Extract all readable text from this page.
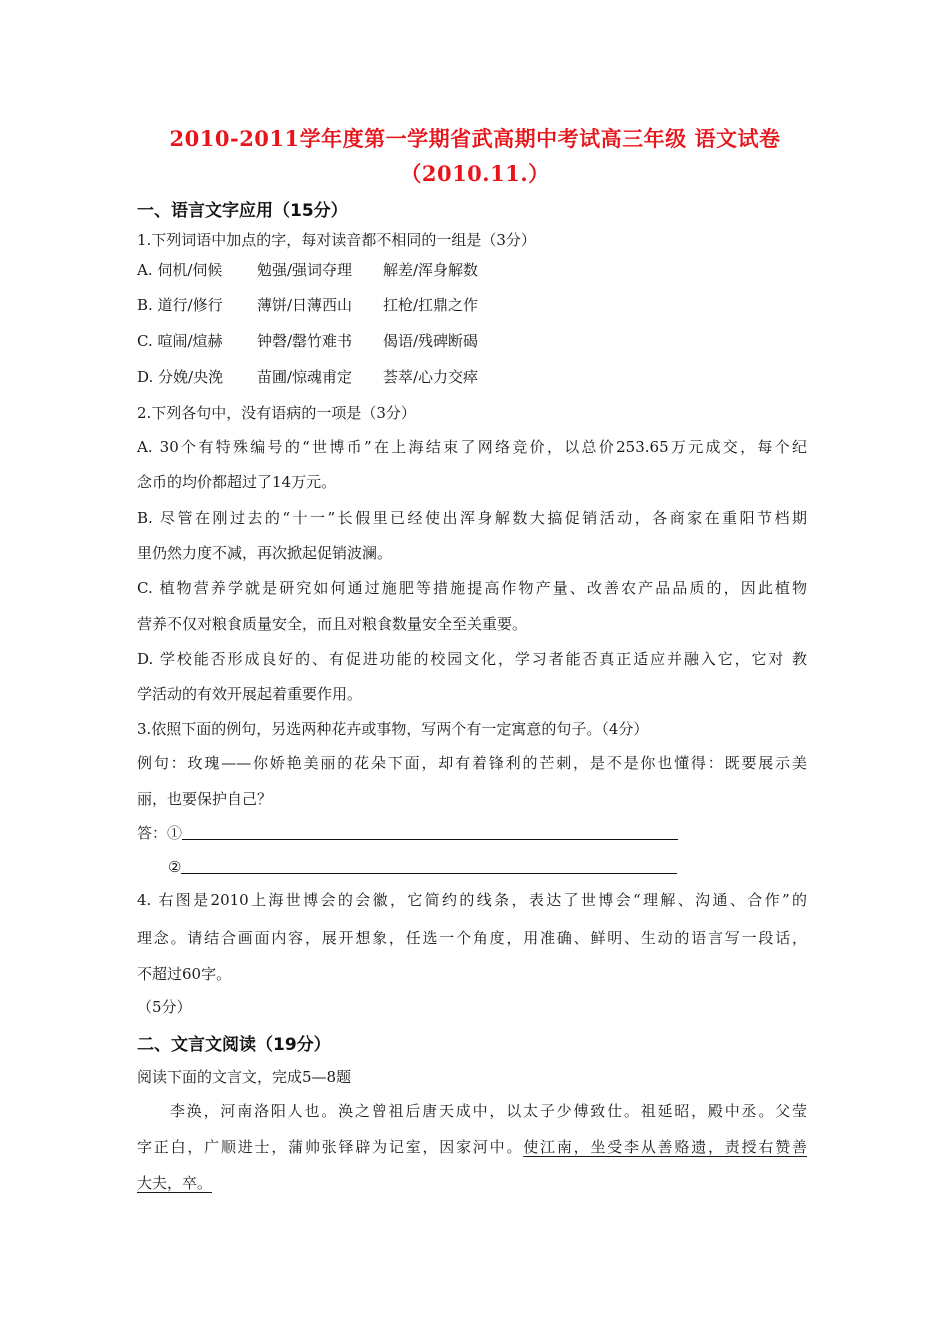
2010-2011学年度第一学期省武高期中考试高三年级 语文试卷
（2010.11.）
一、语言文字应用（15分）
1.下列词语中加点的字，每对读音都不相同的一组是（3分）
A. 伺机/伺候 勉强/强词夺理 解差/浑身解数
B. 道行/修行 薄饼/日薄西山 扛枪/扛鼎之作
C. 喧闹/煊赫 钟磬/罄竹难书 偈语/残碑断碣
D. 分娩/央浼 苗圃/惊魂甫定 荟萃/心力交瘁
2.下列各句中，没有语病的一项是（3分）
A. 30个有特殊编号的“世博币”在上海结束了网络竞价，以总价253.65万元成交，每个纪
念币的均价都超过了14万元。
B. 尽管在刚过去的“十一”长假里已经使出浑身解数大搞促销活动，各商家在重阳节档期
里仍然力度不减，再次掀起促销波澜。
C. 植物营养学就是研究如何通过施肥等措施提高作物产量、改善农产品品质的，因此植物
营养不仅对粮食质量安全，而且对粮食数量安全至关重要。
D. 学校能否形成良好的、有促进功能的校园文化，学习者能否真正适应并融入它，它对 教
学活动的有效开展起着重要作用。
3.依照下面的例句，另选两种花卉或事物，写两个有一定寓意的句子。（4分）
例句：玫瑰——你娇艳美丽的花朵下面，却有着锋利的芒刺，是不是你也懂得：既要展示美
丽，也要保护自己？
答：①
②
4. 右图是2010上海世博会的会徽，它简约的线条，表达了世博会“理解、沟通、合作”的
理念。请结合画面内容，展开想象，任选一个角度，用准确、鲜明、生动的语言写一段话，
不超过60字。
（5分）
二、文言文阅读（19分）
阅读下面的文言文，完成5—8题
李涣，河南洛阳人也。涣之曾祖后唐天成中，以太子少傅致仕。祖延昭，殿中丞。父莹
字正白，广顺进士，蒲帅张铎辟为记室，因家河中。使江南，坐受李从善赂遗，责授右赞善
大夫，卒。
